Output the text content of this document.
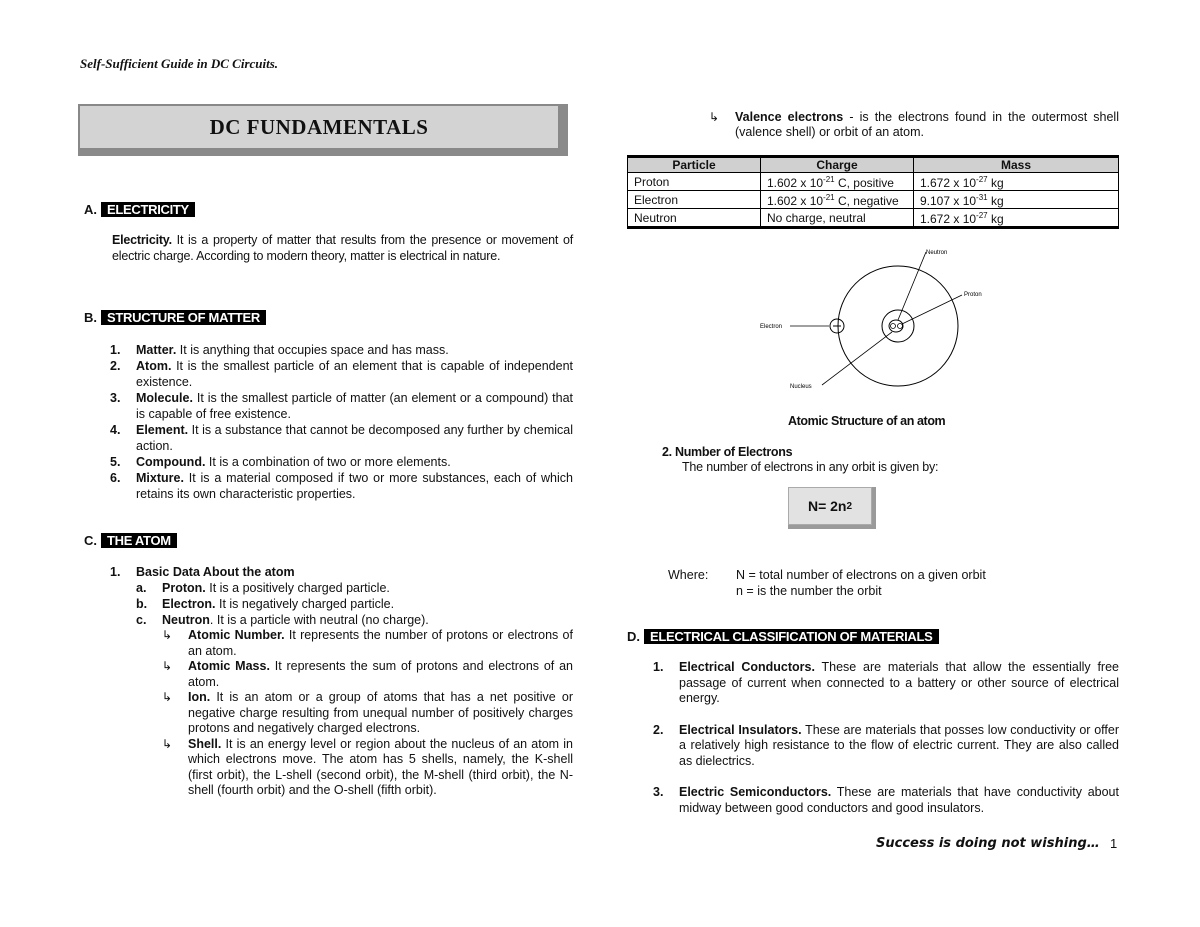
Self-Sufficient Guide in DC Circuits.
DC FUNDAMENTALS
A. ELECTRICITY
Electricity. It is a property of matter that results from the presence or movement of electric charge. According to modern theory, matter is electrical in nature.
B. STRUCTURE OF MATTER
1.	Matter. It is anything that occupies space and has mass.
2.	Atom. It is the smallest particle of an element that is capable of independent existence.
3.	Molecule. It is the smallest particle of matter (an element or a compound) that is capable of free existence.
4.	Element. It is a substance that cannot be decomposed any further by chemical action.
5.	Compound. It is a combination of two or more elements.
6.	Mixture. It is a material composed if two or more substances, each of which retains its own characteristic properties.
C. THE ATOM
1.	Basic Data About the atom
a.	Proton. It is a positively charged particle.
b.	Electron. It is negatively charged particle.
c.	Neutron. It is a particle with neutral (no charge).
↳	Atomic Number. It represents the number of protons or electrons of an atom.
↳	Atomic Mass. It represents the sum of protons and electrons of an atom.
↳	Ion. It is an atom or a group of atoms that has a net positive or negative charge resulting from unequal number of positively charges protons and negatively charged electrons.
↳	Shell. It is an energy level or region about the nucleus of an atom in which electrons move. The atom has 5 shells, namely, the K-shell (first orbit), the L-shell (second orbit), the M-shell (third orbit), the N-shell (fourth orbit) and the O-shell (fifth orbit).
↳	Valence electrons - is the electrons found in the outermost shell (valence shell) or orbit of an atom.
Particle	Charge	Mass
Proton	1.602 x $10^{-21}$ C, positive	1.672 x $10^{-27}$ kg
Electron	1.602 x $10^{-21}$ C, negative	9.107 x $10^{-31}$ kg
Neutron	No charge, neutral	1.672 x $10^{-27}$ kg
Neutron
Proton
Electron
Nucleus
Atomic Structure of an atom
2. Number of Electrons
The number of electrons in any orbit is given by:
N= 2n 2
Where: N = total number of electrons on a given orbit
n = is the number the orbit
D. ELECTRICAL CLASSIFICATION OF MATERIALS
1.	Electrical Conductors. These are materials that allow the essentially free passage of current when connected to a battery or other source of electrical energy.
2.	Electrical Insulators. These are materials that posses low conductivity or offer a relatively high resistance to the flow of electric current. They are also called as dielectrics.
3.	Electric Semiconductors. These are materials that have conductivity about midway between good conductors and good insulators.
Success is doing not wishing… 1
